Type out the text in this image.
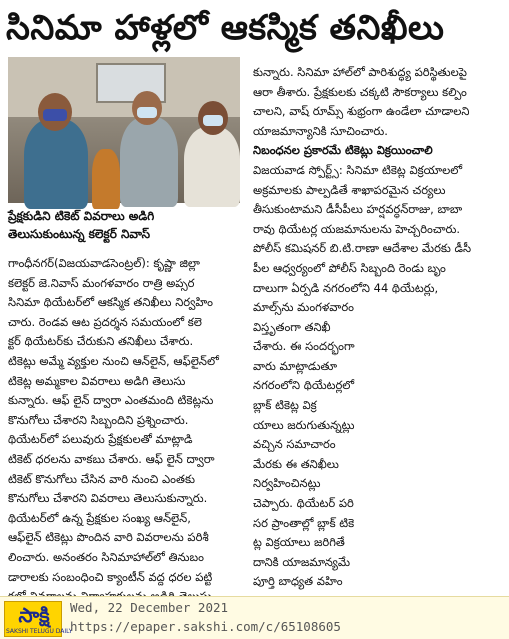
సినిమా హాళ్లలో ఆకస్మిక తనిఖీలు
ప్రేక్షకుడిని టికెట్ వివరాలు అడిగి
తెలుసుకుంటున్న కలెక్టర్ నివాస్
గాంధీనగర్(విజయవాడసెంట్రల్): కృష్ణా జిల్లా
కలెక్టర్ జె.నివాస్ మంగళవారం రాత్రి అప్సర
సినిమా థియేటర్‌లో ఆకస్మిక తనిఖీలు నిర్వహిం
చారు. రెండవ ఆట ప్రదర్శన సమయంలో కలె
క్టర్ థియేటర్‌కు చేరుకుని తనిఖీలు చేశారు.
టికెట్లు అమ్మే వ్యక్తుల నుంచి ఆన్‌లైన్, ఆఫ్‌లైన్‌లో
టికెట్ల అమ్మకాల వివరాలు అడిగి తెలుసు
కున్నారు. ఆఫ్ లైన్ ద్వారా ఎంతమంది టికెట్లను
కొనుగోలు చేశారని సిబ్బందిని ప్రశ్నించారు.
థియేటర్‌లో పలువురు ప్రేక్షకులతో మాట్లాడి
టికెట్ ధరలను వాకబు చేశారు. ఆఫ్ లైన్ ద్వారా
టికెట్ కొనుగోలు చేసిన వారి నుంచి ఎంతకు
కొనుగోలు చేశారని వివరాలు తెలుసుకున్నారు.
థియేటర్‌లో ఉన్న ప్రేక్షకుల సంఖ్య ఆన్‌లైన్,
ఆఫ్‌లైన్ టికెట్లు పొందిన వారి వివరాలను పరిశీ
లించారు. అనంతరం సినిమాహాల్‌లో తినుబం
డారాలకు సంబంధించి క్యాంటీన్ వద్ద ధరల పట్టి
కున్నారు. సినిమా హాల్‌లో పారిశుద్ధ్య పరిస్థితులపై
ఆరా తీశారు. ప్రేక్షకులకు చక్కటి సౌకర్యాలు కల్పిం
చాలని, వాష్ రూమ్స్ శుభ్రంగా ఉండేలా చూడాలని
యాజమాన్యానికి సూచించారు.
నిబంధనల ప్రకారమే టికెట్లు విక్రయించాలి
విజయవాడ స్పోర్ట్స్: సినిమా టికెట్ల విక్రయాలలో
అక్రమాలకు పాల్పడితే శాఖాపరమైన చర్యలు
తీసుకుంటామని డీసీపీలు హర్షవర్ధన్‌రాజు, బాబా
రావు థియేటర్ల యజమానులను హెచ్చరించారు.
పోలీస్ కమిషనర్ బి.టి.రాణా ఆదేశాల మేరకు డీసీ
పీల ఆధ్వర్యంలో పోలీస్ సిబ్బంది రెండు బృం
దాలుగా ఏర్పడి నగరంలోని 44 థియేటర్లు,
మాల్స్‌ను మంగళవారం
విస్తృతంగా తనిఖీ
చేశారు. ఈ సందర్భంగా
వారు మాట్లాడుతూ
నగరంలోని థియేటర్లలో
బ్లాక్ టికెట్ల విక్ర
యాలు జరుగుతున్నట్లు
వచ్చిన సమాచారం
మేరకు ఈ తనిఖీలు
నిర్వహించినట్లు
చెప్పారు. థియేటర్ పరి
సర ప్రాంతాల్లో బ్లాక్ టికె
ట్ల విక్రయాలు జరిగితే
దానికి యాజమాన్యమే
పూర్తి బాధ్యత వహిం
సాక్షి
SAKSHI TELUGU DAILY
Wed, 22 December 2021
https://epaper.sakshi.com/c/65108605
